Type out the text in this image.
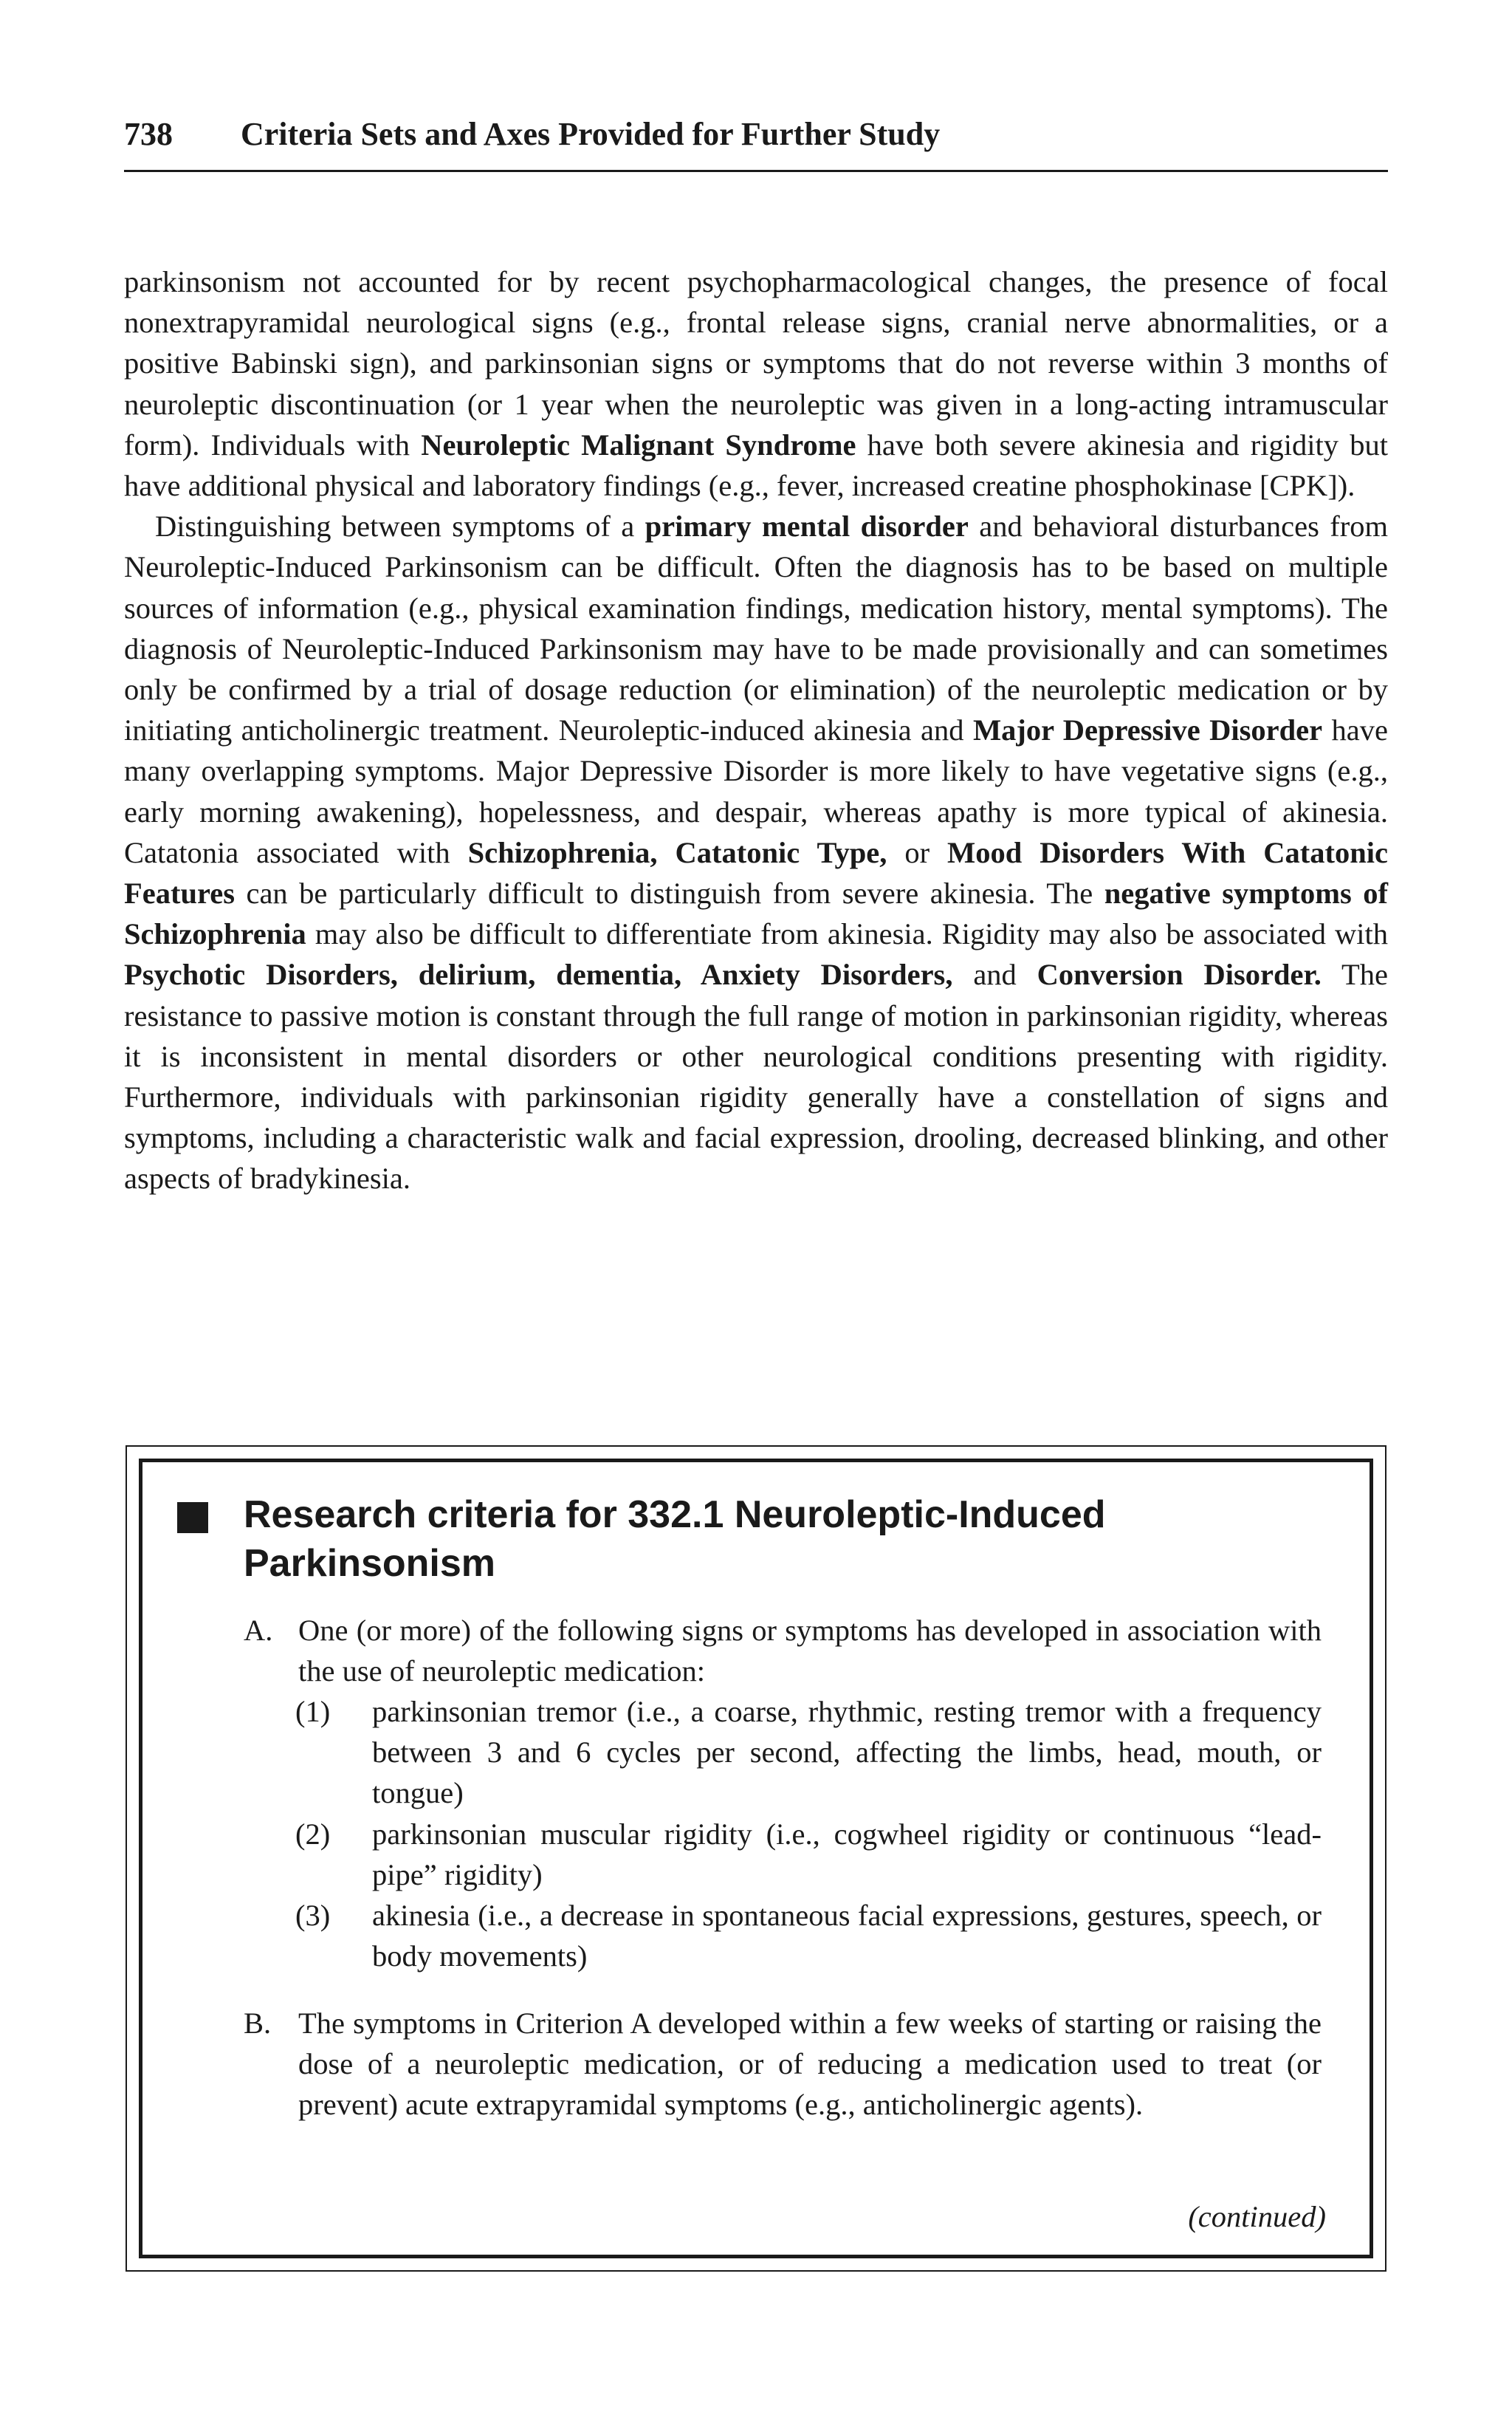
738 Criteria Sets and Axes Provided for Further Study

parkinsonism not accounted for by recent psychopharmacological changes, the presence of focal nonextrapyramidal neurological signs (e.g., frontal release signs, cranial nerve abnormalities, or a positive Babinski sign), and parkinsonian signs or symptoms that do not reverse within 3 months of neuroleptic discontinuation (or 1 year when the neuroleptic was given in a long-acting intramuscular form). Individuals with Neuroleptic Malignant Syndrome have both severe akinesia and rigidity but have additional physical and laboratory findings (e.g., fever, increased creatine phosphokinase [CPK]).

Distinguishing between symptoms of a primary mental disorder and behavioral disturbances from Neuroleptic-Induced Parkinsonism can be difficult. Often the diagnosis has to be based on multiple sources of information (e.g., physical examination findings, medication history, mental symptoms). The diagnosis of Neuroleptic-Induced Parkinsonism may have to be made provisionally and can sometimes only be confirmed by a trial of dosage reduction (or elimination) of the neuroleptic medication or by initiating anticholinergic treatment. Neuroleptic-induced akinesia and Major Depressive Disorder have many overlapping symptoms. Major Depressive Disorder is more likely to have vegetative signs (e.g., early morning awakening), hopelessness, and despair, whereas apathy is more typical of akinesia. Catatonia associated with Schizophrenia, Catatonic Type, or Mood Disorders With Catatonic Features can be particularly difficult to distinguish from severe akinesia. The negative symptoms of Schizophrenia may also be difficult to differentiate from akinesia. Rigidity may also be associated with Psychotic Disorders, delirium, dementia, Anxiety Disorders, and Conversion Disorder. The resistance to passive motion is constant through the full range of motion in parkinsonian rigidity, whereas it is inconsistent in mental disorders or other neurological conditions presenting with rigidity. Furthermore, individuals with parkinsonian rigidity generally have a constellation of signs and symptoms, including a characteristic walk and facial expression, drooling, decreased blinking, and other aspects of bradykinesia.

Research criteria for 332.1 Neuroleptic-Induced Parkinsonism
A. One (or more) of the following signs or symptoms has developed in association with the use of neuroleptic medication:
(1) parkinsonian tremor (i.e., a coarse, rhythmic, resting tremor with a frequency between 3 and 6 cycles per second, affecting the limbs, head, mouth, or tongue)
(2) parkinsonian muscular rigidity (i.e., cogwheel rigidity or continuous “lead-pipe” rigidity)
(3) akinesia (i.e., a decrease in spontaneous facial expressions, gestures, speech, or body movements)
B. The symptoms in Criterion A developed within a few weeks of starting or raising the dose of a neuroleptic medication, or of reducing a medication used to treat (or prevent) acute extrapyramidal symptoms (e.g., anticholinergic agents).
(continued)
